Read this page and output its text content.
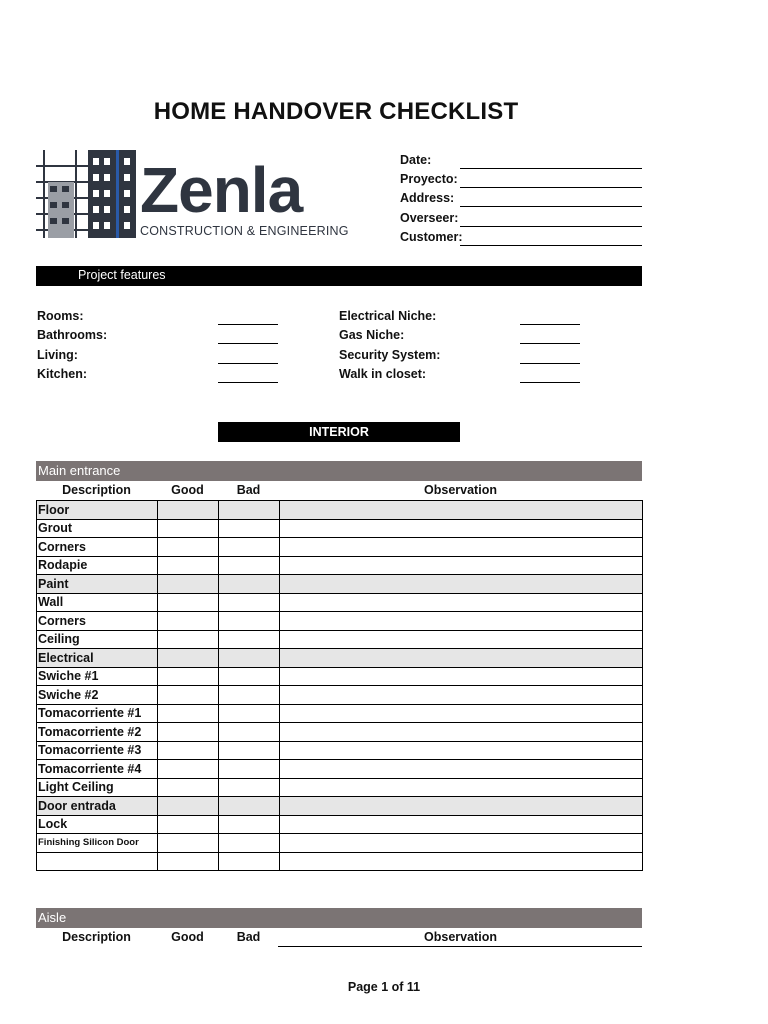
HOME HANDOVER CHECKLIST
Zenla
CONSTRUCTION & ENGINEERING
Date:
Proyecto:
Address:
Overseer:
Customer:
Project features
Rooms:
Bathrooms:
Living:
Kitchen:
Electrical Niche:
Gas Niche:
Security System:
Walk in closet:
INTERIOR
Main entrance
Description	Good	Bad	Observation
Floor			
Grout			
Corners			
Rodapie			
Paint			
Wall			
Corners			
Ceiling			
Electrical			
Swiche #1			
Swiche #2			
Tomacorriente #1			
Tomacorriente #2			
Tomacorriente #3			
Tomacorriente #4			
Light Ceiling			
Door entrada			
Lock			
Finishing Silicon Door			

Aisle
Description	Good	Bad	Observation
Page 1 of 11
